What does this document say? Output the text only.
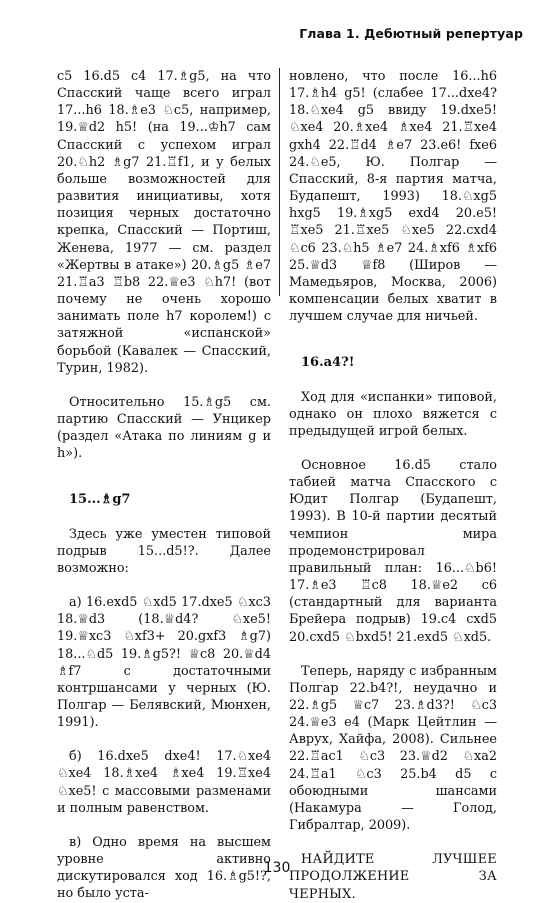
Глава 1. Дебютный репертуар

c5 16.d5 c4 17.♗g5, на что Спасский чаще всего играл 17...h6 18.♗e3 ♘c5, например, 19.♕d2 h5! (на 19...♔h7 сам Спасский с успехом играл 20.♘h2 ♗g7 21.♖f1, и у белых больше возможностей для развития инициативы, хотя позиция черных достаточно крепка, Спасский — Портиш, Женева, 1977 — см. раздел «Жертвы в атаке») 20.♗g5 ♗e7 21.♖a3 ♖b8 22.♕e3 ♘h7! (вот почему не очень хорошо занимать поле h7 королем!) с затяжной «испанской» борьбой (Кавалек — Спасский, Турин, 1982).

Относительно 15.♗g5 см. партию Спасский — Унцикер (раздел «Атака по линиям g и h»).

15...♗g7

Здесь уже уместен типовой подрыв 15...d5!?. Далее возможно:

а) 16.exd5 ♘xd5 17.dxe5 ♘xc3 18.♕d3 (18.♕d4? ♘xe5! 19.♕xc3 ♘xf3+ 20.gxf3 ♗g7) 18...♘d5 19.♗g5?! ♕c8 20.♕d4 ♗f7 с достаточными контршансами у черных (Ю. Полгар — Белявский, Мюнхен, 1991).

б) 16.dxe5 dxe4! 17.♘xe4 ♘xe4 18.♗xe4 ♗xe4 19.♖xe4 ♘xe5! с массовыми разменами и полным равенством.

в) Одно время на высшем уровне активно дискутировался ход 16.♗g5!?, но было уста-

новлено, что после 16...h6 17.♗h4 g5! (слабее 17...dxe4? 18.♘xe4 g5 ввиду 19.dxe5! ♘xe4 20.♗xe4 ♗xe4 21.♖xe4 gxh4 22.♖d4 ♗e7 23.e6! fxe6 24.♘e5, Ю. Полгар — Спасский, 8-я партия матча, Будапешт, 1993) 18.♘xg5 hxg5 19.♗xg5 exd4 20.e5! ♖xe5 21.♖xe5 ♘xe5 22.cxd4 ♘c6 23.♘h5 ♗e7 24.♗xf6 ♗xf6 25.♕d3 ♕f8 (Широв — Мамедьяров, Москва, 2006) компенсации белых хватит в лучшем случае для ничьей.

16.a4?!

Ход для «испанки» типовой, однако он плохо вяжется с предыдущей игрой белых.

Основное 16.d5 стало табией матча Спасского с Юдит Полгар (Будапешт, 1993). В 10-й партии десятый чемпион мира продемонстрировал правильный план: 16...♘b6! 17.♗e3 ♖c8 18.♕e2 c6 (стандартный для варианта Брейера подрыв) 19.c4 cxd5 20.cxd5 ♘bxd5! 21.exd5 ♘xd5.

Теперь, наряду с избранным Полгар 22.b4?!, неудачно и 22.♗g5 ♕c7 23.♗d3?! ♘c3 24.♕e3 e4 (Марк Цейтлин — Аврух, Хайфа, 2008). Сильнее 22.♖ac1 ♘c3 23.♕d2 ♘xa2 24.♖a1 ♘c3 25.b4 d5 с обоюдными шансами (Накамура — Голод, Гибралтар, 2009).

НАЙДИТЕ ЛУЧШЕЕ ПРОДОЛЖЕНИЕ ЗА ЧЕРНЫХ.

130
